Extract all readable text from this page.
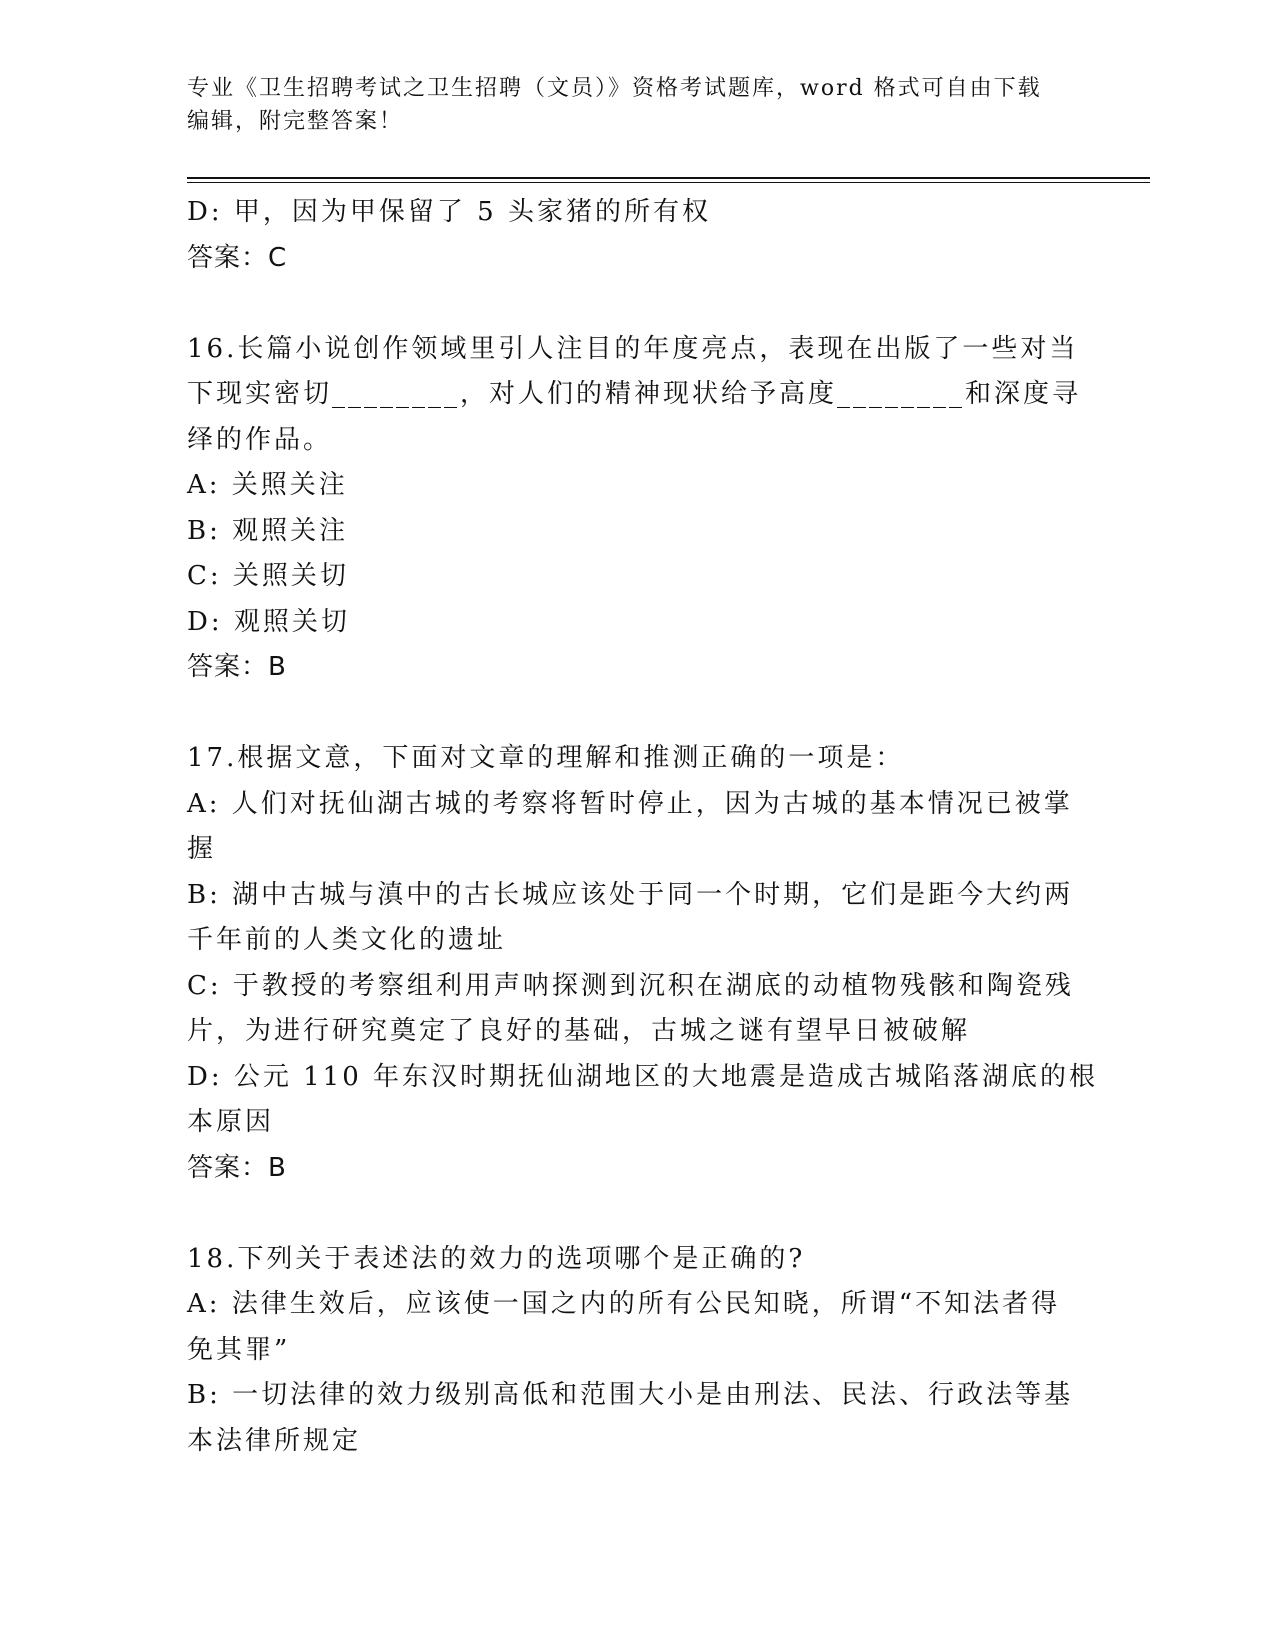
专业《卫生招聘考试之卫生招聘（文员）》资格考试题库，word 格式可自由下载
编辑，附完整答案！
D: 甲，因为甲保留了 5 头家猪的所有权
答案：C
16.长篇小说创作领域里引人注目的年度亮点，表现在出版了一些对当
下现实密切________，对人们的精神现状给予高度________和深度寻
绎的作品。
A: 关照关注
B: 观照关注
C: 关照关切
D: 观照关切
答案：B
17.根据文意，下面对文章的理解和推测正确的一项是：
A: 人们对抚仙湖古城的考察将暂时停止，因为古城的基本情况已被掌
握
B: 湖中古城与滇中的古长城应该处于同一个时期，它们是距今大约两
千年前的人类文化的遗址
C: 于教授的考察组利用声呐探测到沉积在湖底的动植物残骸和陶瓷残
片，为进行研究奠定了良好的基础，古城之谜有望早日被破解
D: 公元 110 年东汉时期抚仙湖地区的大地震是造成古城陷落湖底的根
本原因
答案：B
18.下列关于表述法的效力的选项哪个是正确的?
A: 法律生效后，应该使一国之内的所有公民知晓，所谓“不知法者得
免其罪”
B: 一切法律的效力级别高低和范围大小是由刑法、民法、行政法等基
本法律所规定
